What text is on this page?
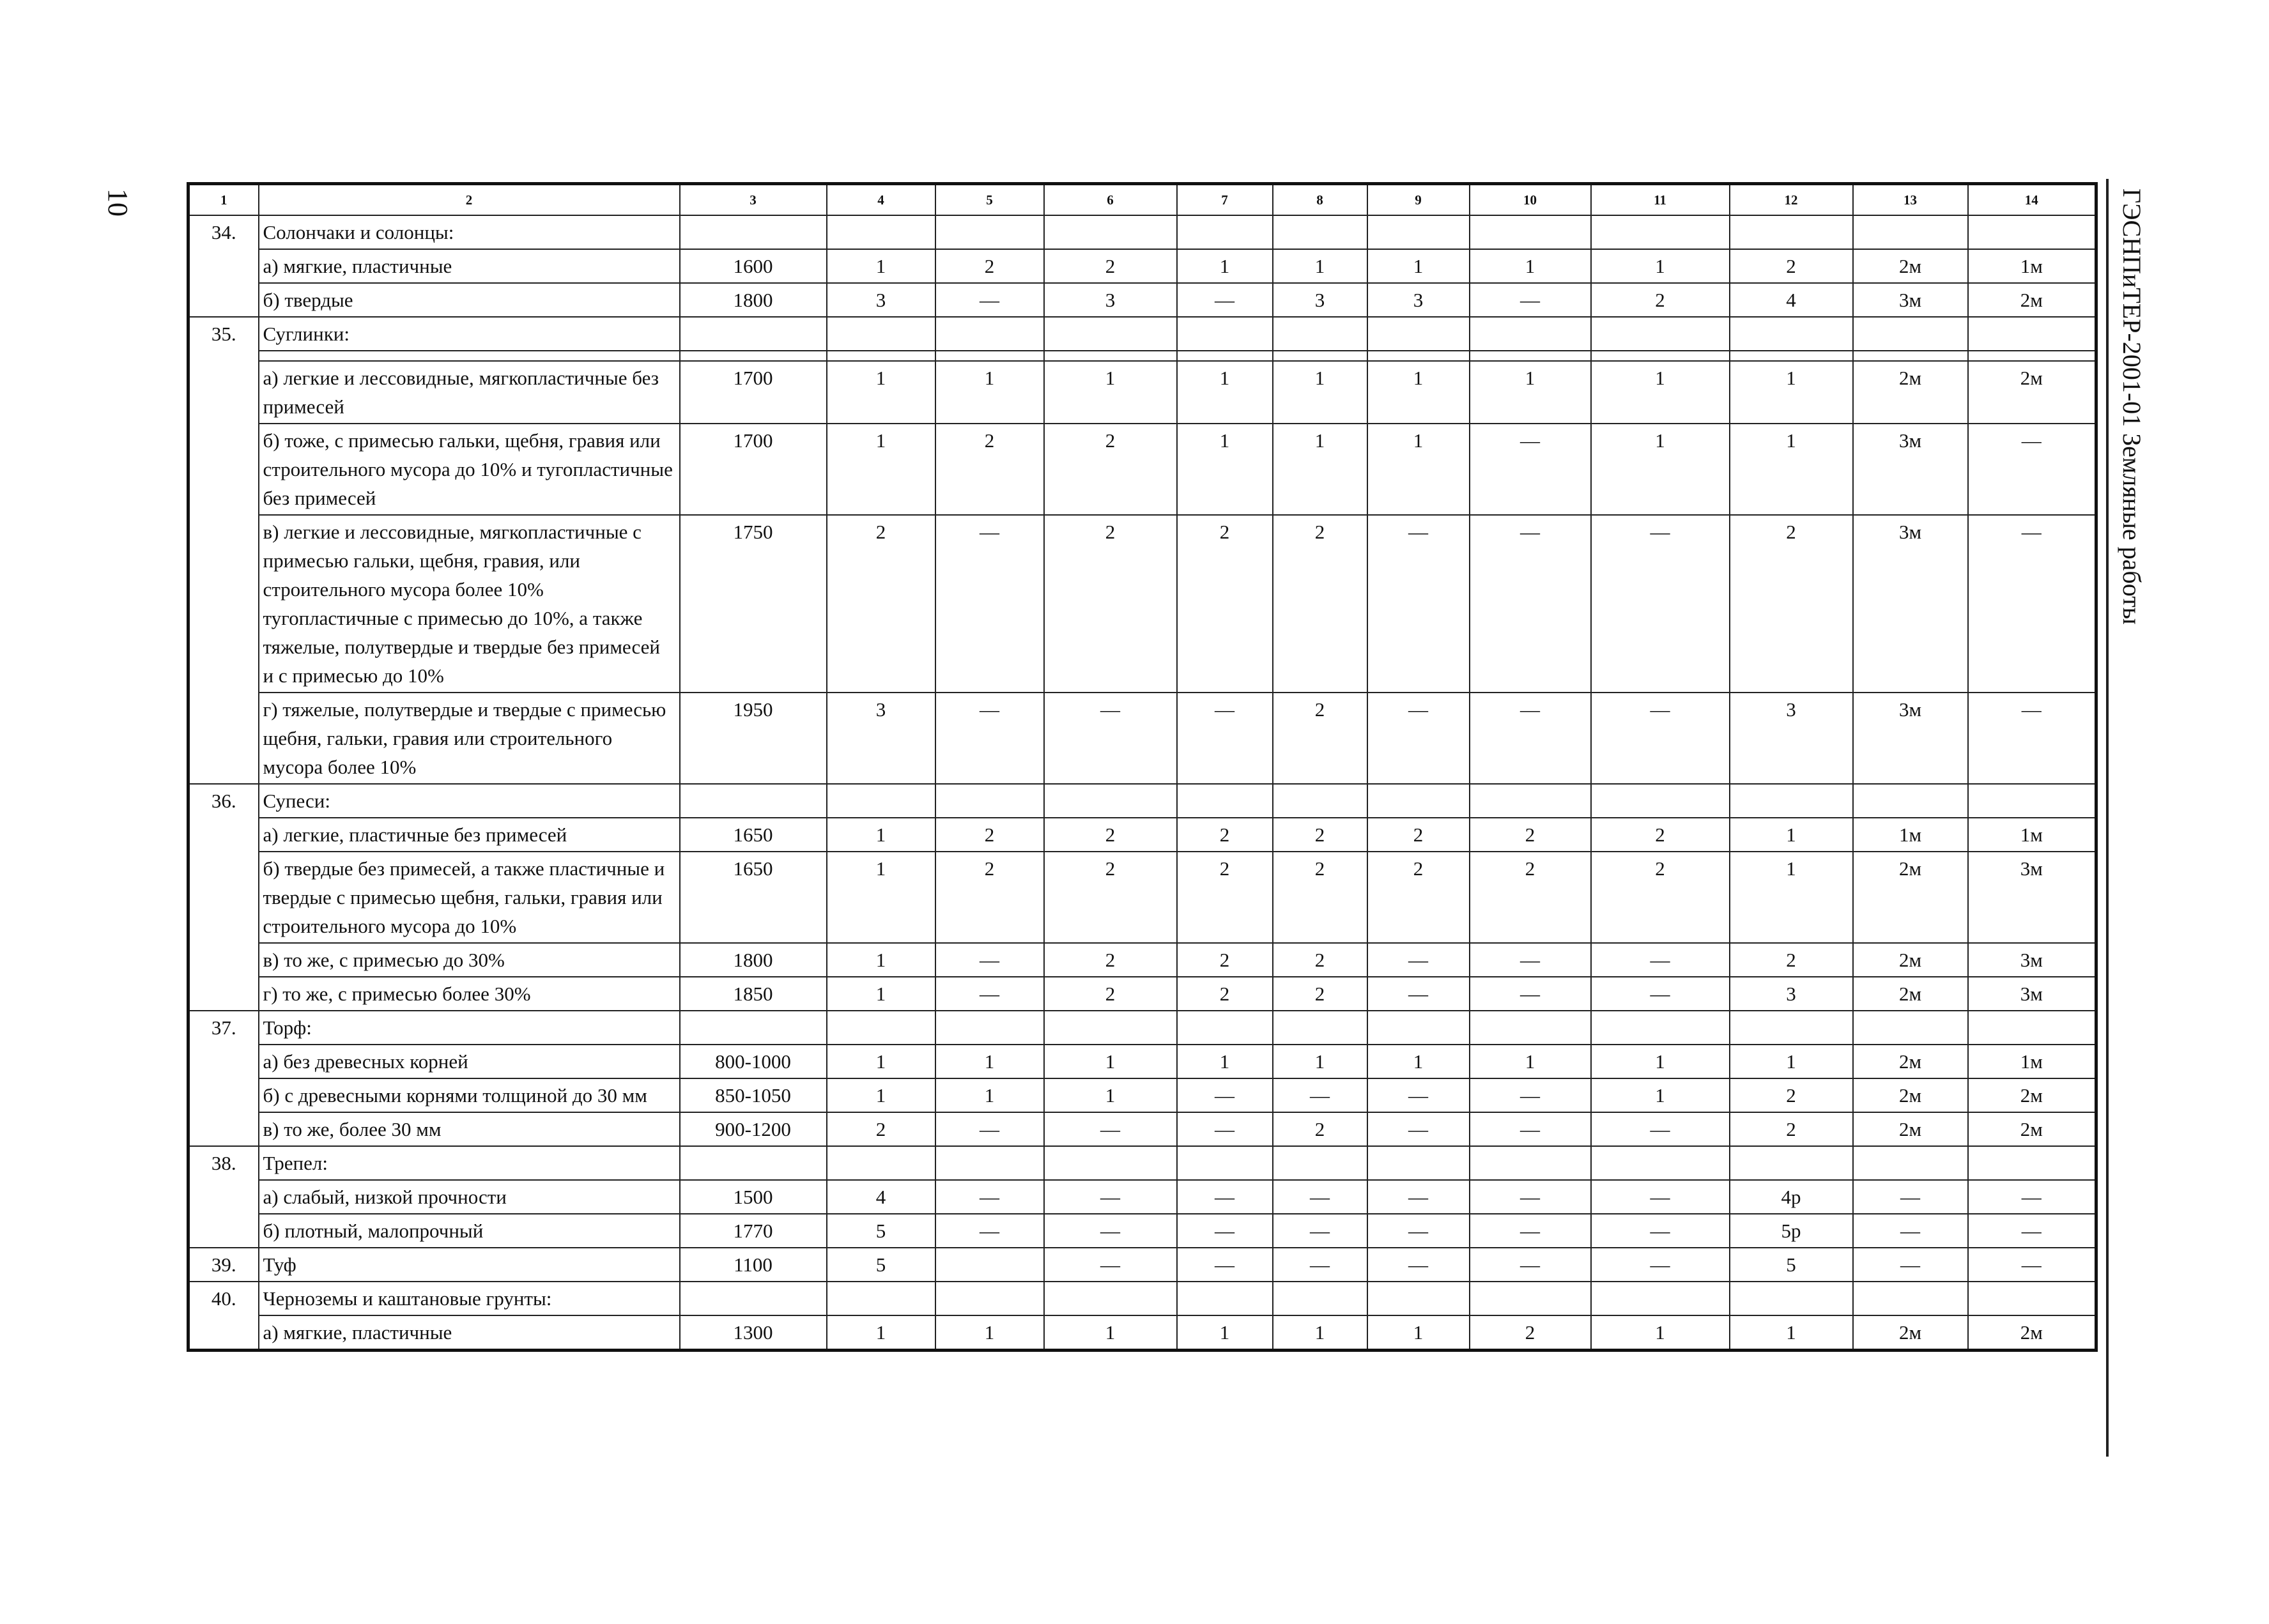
10	ГЭСНПиТЕР-2001-01 Земляные работы
1	2	3	4	5	6	7	8	9	10	11	12	13	14
34.	Солончаки и солонцы:												
	а) мягкие, пластичные	1600	1	2	2	1	1	1	1	1	2	2м	1м
	б) твердые	1800	3	—	3	—	3	3	—	2	4	3м	2м
35.	Суглинки:												

	а) легкие и лессовидные, мягкопластичные без примесей	1700	1	1	1	1	1	1	1	1	1	2м	2м
	б) тоже, с примесью гальки, щебня, гравия или строительного мусора до 10% и тугопластичные без примесей	1700	1	2	2	1	1	1	—	1	1	3м	—
	в) легкие и лессовидные, мягкопластичные с примесью гальки, щебня, гравия, или строительного мусора более 10% тугопластичные с примесью до 10%, а также тяжелые, полутвердые и твердые без примесей и с примесью до 10%	1750	2	—	2	2	2	—	—	—	2	3м	—
	г) тяжелые, полутвердые и твердые с примесью щебня, гальки, гравия или строительного мусора более 10%	1950	3	—	—	—	2	—	—	—	3	3м	—
36.	Супеси:												
	а) легкие, пластичные без примесей	1650	1	2	2	2	2	2	2	2	1	1м	1м
	б) твердые без примесей, а также пластичные и твердые с примесью щебня, гальки, гравия или строительного мусора до 10%	1650	1	2	2	2	2	2	2	2	1	2м	3м
	в) то же, с примесью до 30%	1800	1	—	2	2	2	—	—	—	2	2м	3м
	г) то же, с примесью более 30%	1850	1	—	2	2	2	—	—	—	3	2м	3м
37.	Торф:												
	а) без древесных корней	800-1000	1	1	1	1	1	1	1	1	1	2м	1м
	б) с древесными корнями толщиной до 30 мм	850-1050	1	1	1	—	—	—	—	1	2	2м	2м
	в) то же, более 30 мм	900-1200	2	—	—	—	2	—	—	—	2	2м	2м
38.	Трепел:												
	а) слабый, низкой прочности	1500	4	—	—	—	—	—	—	—	4р	—	—
	б) плотный, малопрочный	1770	5	—	—	—	—	—	—	—	5р	—	—
39.	Туф	1100	5		—	—	—	—	—	—	5	—	—
40.	Черноземы и каштановые грунты:												
	а) мягкие, пластичные	1300	1	1	1	1	1	1	2	1	1	2м	2м
